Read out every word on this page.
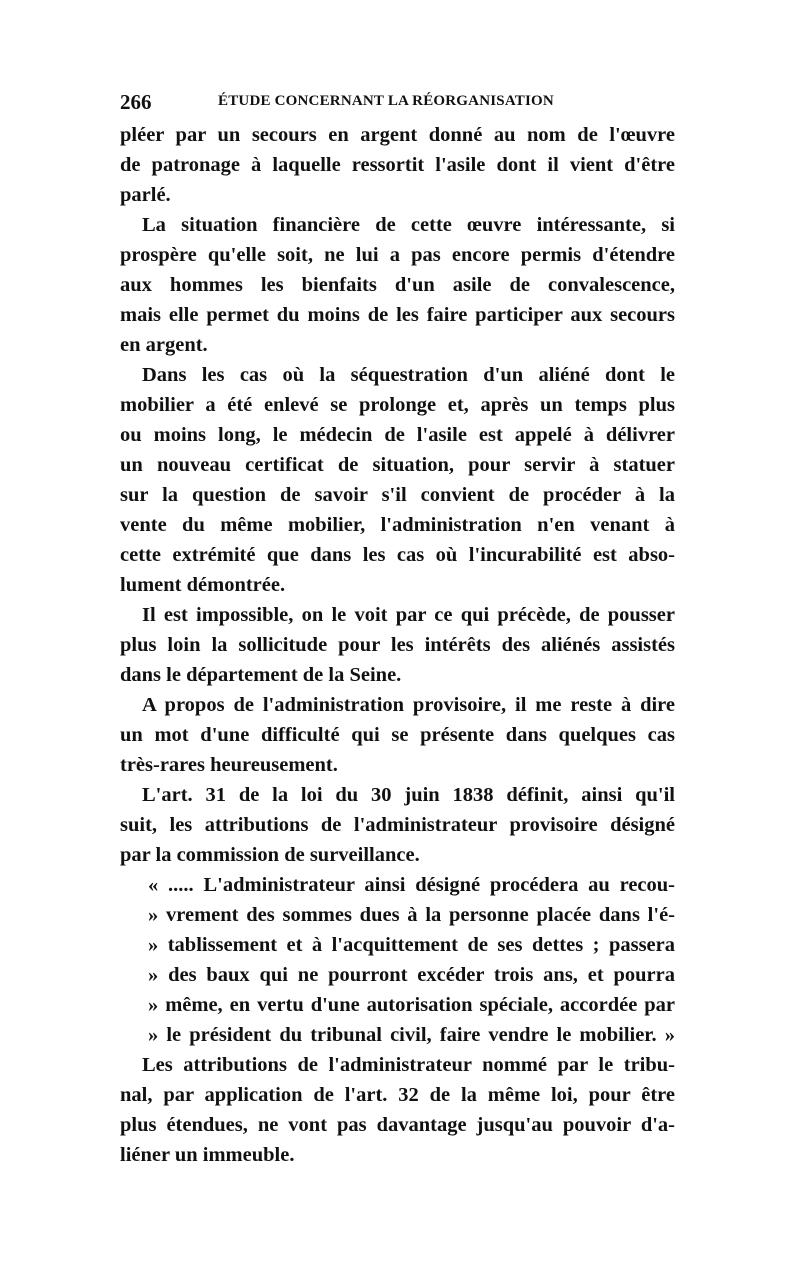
266	ÉTUDE CONCERNANT LA RÉORGANISATION
pléer par un secours en argent donné au nom de l'œuvre
de patronage à laquelle ressortit l'asile dont il vient d'être
parlé.
La situation financière de cette œuvre intéressante, si
prospère qu'elle soit, ne lui a pas encore permis d'étendre
aux hommes les bienfaits d'un asile de convalescence,
mais elle permet du moins de les faire participer aux secours
en argent.
Dans les cas où la séquestration d'un aliéné dont le
mobilier a été enlevé se prolonge et, après un temps plus
ou moins long, le médecin de l'asile est appelé à délivrer
un nouveau certificat de situation, pour servir à statuer
sur la question de savoir s'il convient de procéder à la
vente du même mobilier, l'administration n'en venant à
cette extrémité que dans les cas où l'incurabilité est abso-
lument démontrée.
Il est impossible, on le voit par ce qui précède, de pousser
plus loin la sollicitude pour les intérêts des aliénés assistés
dans le département de la Seine.
A propos de l'administration provisoire, il me reste à dire
un mot d'une difficulté qui se présente dans quelques cas
très-rares heureusement.
L'art. 31 de la loi du 30 juin 1838 définit, ainsi qu'il
suit, les attributions de l'administrateur provisoire désigné
par la commission de surveillance.
« ..... L'administrateur ainsi désigné procédera au recou-
» vrement des sommes dues à la personne placée dans l'é-
» tablissement et à l'acquittement de ses dettes ; passera
» des baux qui ne pourront excéder trois ans, et pourra
» même, en vertu d'une autorisation spéciale, accordée par
» le président du tribunal civil, faire vendre le mobilier. »
Les attributions de l'administrateur nommé par le tribu-
nal, par application de l'art. 32 de la même loi, pour être
plus étendues, ne vont pas davantage jusqu'au pouvoir d'a-
liéner un immeuble.
